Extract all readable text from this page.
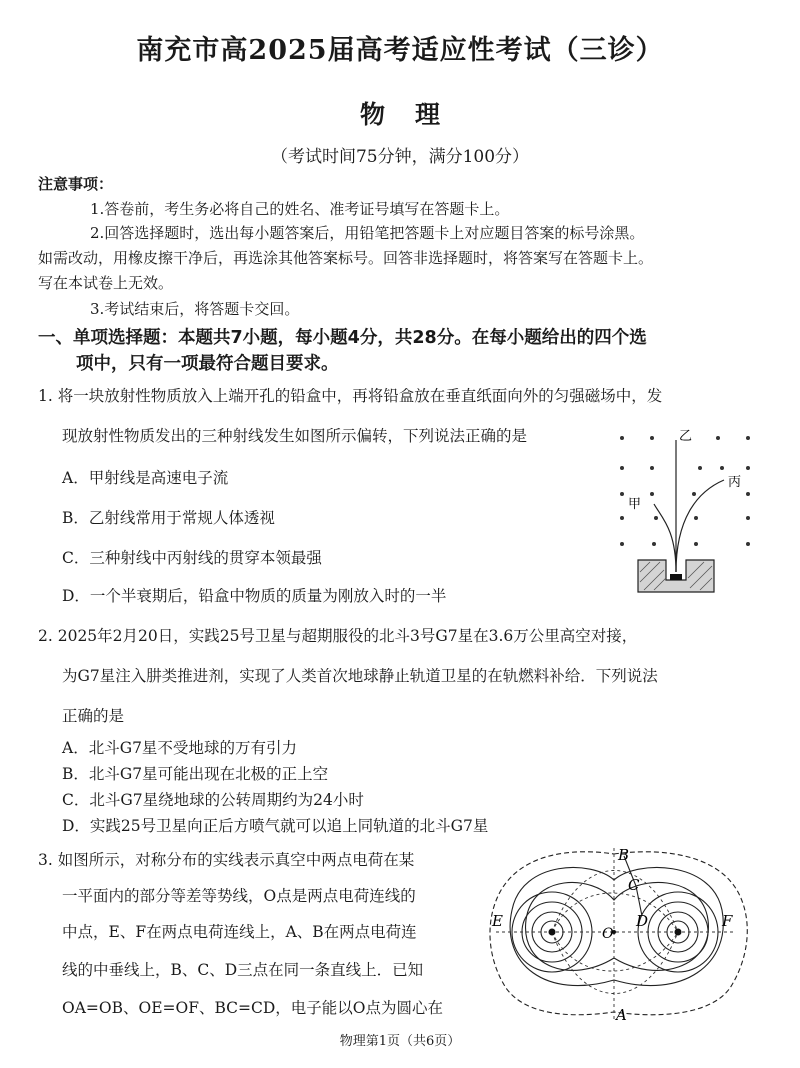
南充市高2025届高考适应性考试（三诊）
物理
（考试时间75分钟，满分100分）
注意事项：
1.答卷前，考生务必将自己的姓名、准考证号填写在答题卡上。
2.回答选择题时，选出每小题答案后，用铅笔把答题卡上对应题目答案的标号涂黑。
如需改动，用橡皮擦干净后，再选涂其他答案标号。回答非选择题时，将答案写在答题卡上。
写在本试卷上无效。
3.考试结束后，将答题卡交回。
一、单项选择题：本题共7小题，每小题4分，共28分。在每小题给出的四个选
项中，只有一项最符合题目要求。
1. 将一块放射性物质放入上端开孔的铅盒中，再将铅盒放在垂直纸面向外的匀强磁场中，发
现放射性物质发出的三种射线发生如图所示偏转，下列说法正确的是
A．甲射线是高速电子流
B．乙射线常用于常规人体透视
C．三种射线中丙射线的贯穿本领最强
D．一个半衰期后，铅盒中物质的质量为刚放入时的一半
乙
甲
丙
2. 2025年2月20日，实践25号卫星与超期服役的北斗3号G7星在3.6万公里高空对接，
为G7星注入肼类推进剂，实现了人类首次地球静止轨道卫星的在轨燃料补给．下列说法
正确的是
A．北斗G7星不受地球的万有引力
B．北斗G7星可能出现在北极的正上空
C．北斗G7星绕地球的公转周期约为24小时
D．实践25号卫星向正后方喷气就可以追上同轨道的北斗G7星
3. 如图所示，对称分布的实线表示真空中两点电荷在某
一平面内的部分等差等势线，O点是两点电荷连线的
中点，E、F在两点电荷连线上，A、B在两点电荷连
线的中垂线上，B、C、D三点在同一条直线上．已知
OA=OB、OE=OF、BC=CD，电子能以O点为圆心在
B
C
D
E	F
O
A
物理第1页（共6页）
